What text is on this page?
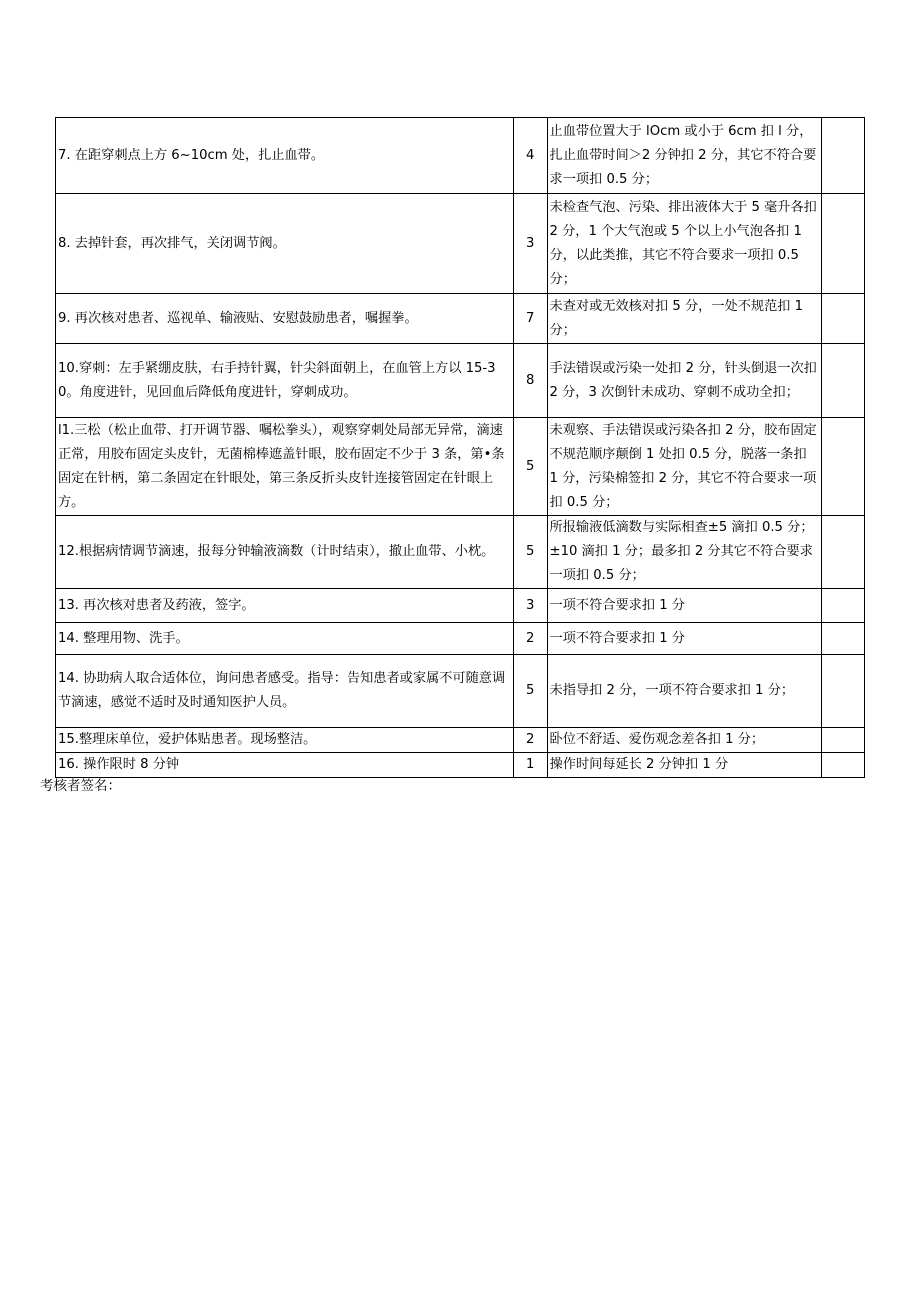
7. 在距穿刺点上方 6~10cm 处，扎止血带。	4	止血带位置大于 lOcm 或小于 6cm 扣 l 分，扎止血带时间＞2 分钟扣 2 分，其它不符合要求一项扣 0.5 分；	
8. 去掉针套，再次排气，关闭调节阀。	3	未检查气泡、污染、排出液体大于 5 毫升各扣 2 分，1 个大气泡或 5 个以上小气泡各扣 1 分，以此类推，其它不符合要求一项扣 0.5 分；	
9. 再次核对患者、巡视单、输液贴、安慰鼓励患者，嘱握拳。	7	未查对或无效核对扣 5 分，一处不规范扣 1 分；	
10.穿刺：左手紧绷皮肤，右手持针翼，针尖斜面朝上，在血管上方以 15-30。角度进针，见回血后降低角度进针，穿刺成功。	8	手法错误或污染一处扣 2 分，针头倒退一次扣 2 分，3 次倒针未成功、穿刺不成功全扣；	
l1.三松（松止血带、打开调节器、嘱松拳头），观察穿刺处局部无异常，滴速正常，用胶布固定头皮针，无菌棉棒遮盖针眼，胶布固定不少于 3 条，第•条固定在针柄，第二条固定在针眼处，第三条反折头皮针连接管固定在针眼上方。	5	未观察、手法错误或污染各扣 2 分，胶布固定不规范顺序颠倒 1 处扣 0.5 分，脱落一条扣 1 分，污染棉签扣 2 分，其它不符合要求一项扣 0.5 分；	
12.根据病情调节滴速，报每分钟输液滴数（计时结束），撤止血带、小枕。	5	所报输液低滴数与实际相查±5 滴扣 0.5 分；±10 滴扣 1 分；最多扣 2 分其它不符合要求一项扣 0.5 分；	
13. 再次核对患者及药液，签字。	3	一项不符合要求扣 1 分	
14. 整理用物、洗手。	2	一项不符合要求扣 1 分	
14. 协助病人取合适体位，询问患者感受。指导：告知患者或家属不可随意调节滴速，感觉不适时及时通知医护人员。	5	未指导扣 2 分，一项不符合要求扣 1 分；	
15.整理床单位，爱护体贴患者。现场整洁。	2	卧位不舒适、爱伤观念差各扣 1 分；	
16. 操作限时 8 分钟	1	操作时间每延长 2 分钟扣 1 分	
考核者签名：
